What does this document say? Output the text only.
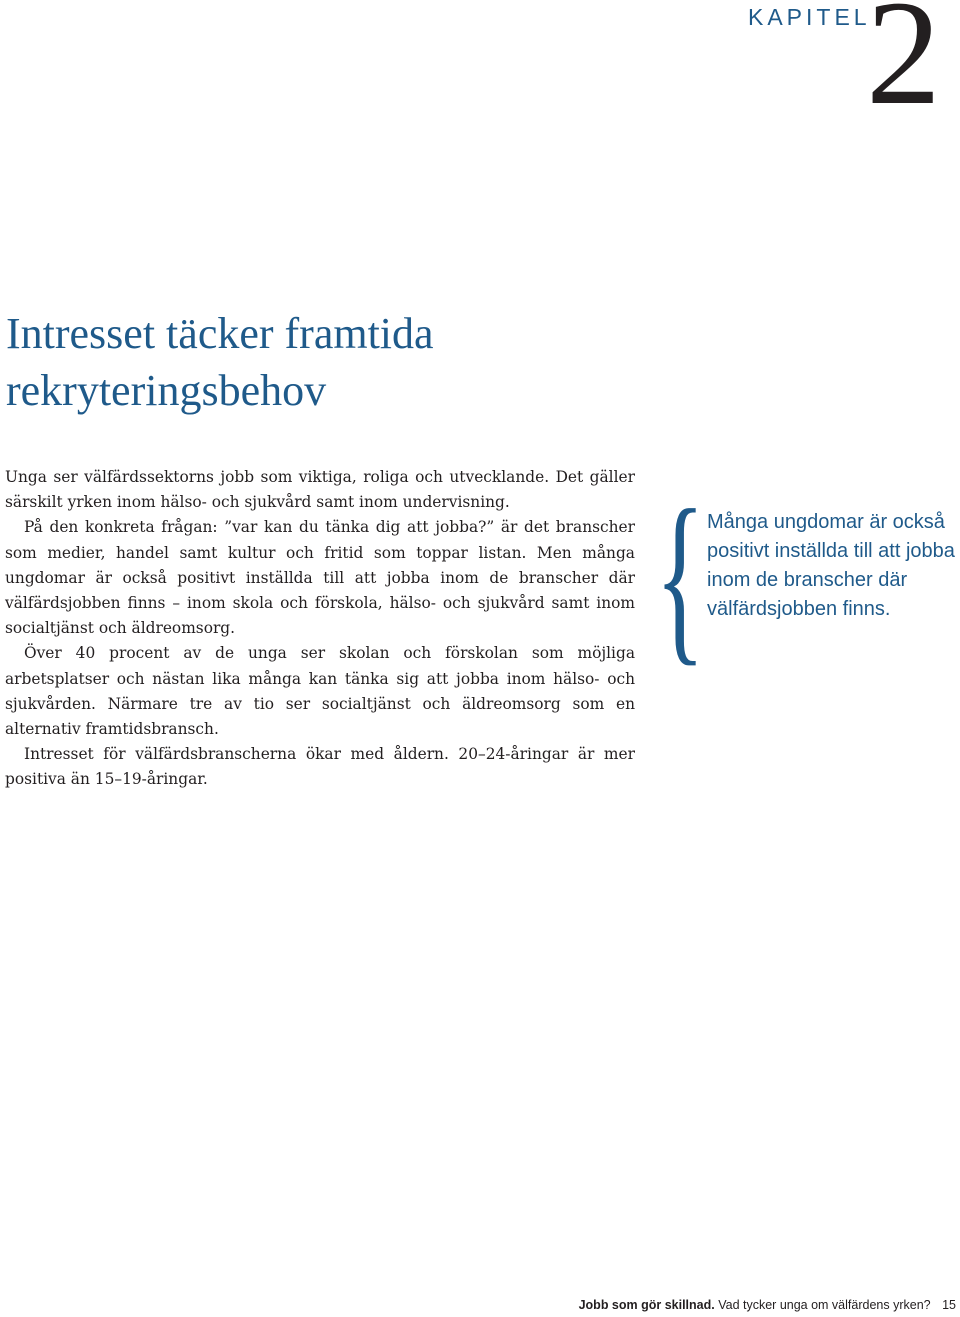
KAPITEL
2
Intresset täcker framtida
rekryteringsbehov

Unga ser välfärdssektorns jobb som viktiga, roliga och utvecklande. Det gäller särskilt yrken inom hälso- och sjukvård samt inom undervisning.

På den konkreta frågan: ”var kan du tänka dig att jobba?” är det branscher som medier, handel samt kultur och fritid som toppar listan. Men många ungdomar är också positivt inställda till att jobba inom de branscher där välfärdsjobben finns – inom skola och förskola, hälso- och sjukvård samt inom socialtjänst och äldreomsorg.

Över 40 procent av de unga ser skolan och förskolan som möjliga arbetsplatser och nästan lika många kan tänka sig att jobba inom hälso- och sjukvården. Närmare tre av tio ser socialtjänst och äldreomsorg som en alternativ framtidsbransch.

Intresset för välfärdsbranscherna ökar med åldern. 20–24-åringar är mer positiva än 15–19-åringar.

{ Många ungdomar är också positivt inställda till att jobba inom de branscher där välfärdsjobben finns.
Jobb som gör skillnad. Vad tycker unga om välfärdens yrken? 15
